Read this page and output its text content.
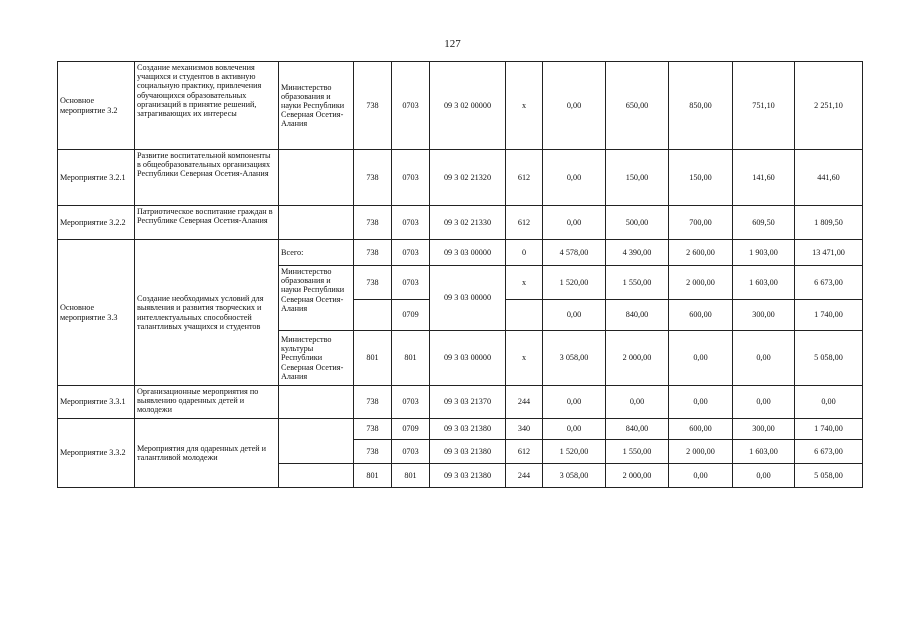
127
Основное мероприятие 3.2	Создание механизмов вовлечения учащихся и студентов в активную социальную практику, привлечения обучающихся образовательных организаций в принятие решений, затрагивающих их интересы	Министерство образования и науки Республики Северная Осетия-Алания	738	0703	09 3 02 00000	x	0,00	650,00	850,00	751,10	2 251,10
Мероприятие 3.2.1	Развитие воспитательной компоненты в общеобразовательных организациях Республики Северная Осетия-Алания		738	0703	09 3 02 21320	612	0,00	150,00	150,00	141,60	441,60
Мероприятие 3.2.2	Патриотическое воспитание граждан в Республике Северная Осетия-Алания		738	0703	09 3 02 21330	612	0,00	500,00	700,00	609,50	1 809,50
Основное мероприятие 3.3	Создание необходимых условий для выявления и развития творческих и интеллектуальных способностей талантливых учащихся и студентов	Всего:	738	0703	09 3 03 00000	0	4 578,00	4 390,00	2 600,00	1 903,00	13 471,00
		Министерство образования и науки Республики Северная Осетия-Алания	738	0703	09 3 03 00000	x	1 520,00	1 550,00	2 000,00	1 603,00	6 673,00
				0709			0,00	840,00	600,00	300,00	1 740,00
		Министерство культуры Республики Северная Осетия-Алания	801	801	09 3 03 00000	x	3 058,00	2 000,00	0,00	0,00	5 058,00
Мероприятие 3.3.1	Организационные мероприятия по выявлению одаренных детей и молодежи		738	0703	09 3 03 21370	244	0,00	0,00	0,00	0,00	0,00
Мероприятие 3.3.2	Мероприятия для одаренных детей и талантливой молодежи		738	0709	09 3 03 21380	340	0,00	840,00	600,00	300,00	1 740,00
			738	0703	09 3 03 21380	612	1 520,00	1 550,00	2 000,00	1 603,00	6 673,00
			801	801	09 3 03 21380	244	3 058,00	2 000,00	0,00	0,00	5 058,00
